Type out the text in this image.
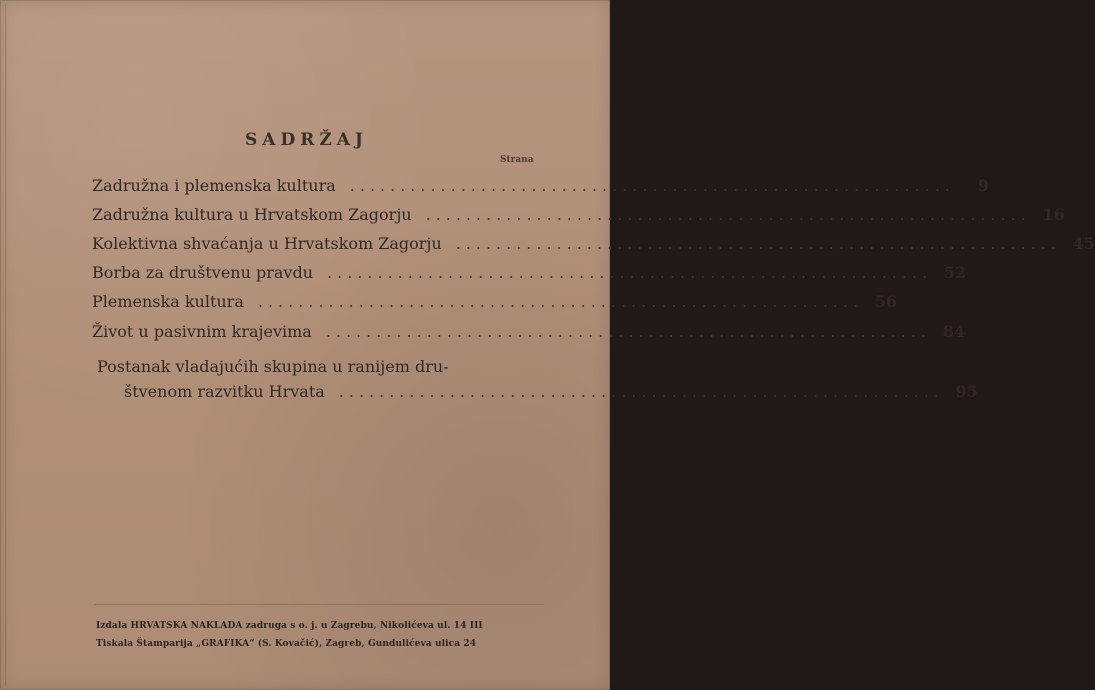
SADRŽAJ
Strana
Zadružna i plemenska kultura ............................................................	9
Zadružna kultura u Hrvatskom Zagorju ............................................................ 16
Kolektivna shvaćanja u Hrvatskom Zagorju ............................................................ 45
Borba za društvenu pravdu ............................................................ 52
Plemenska kultura ............................................................ 56
Život u pasivnim krajevima ............................................................ 84
Postanak vladajućih skupina u ranijem dru-
štvenom razvitku Hrvata ............................................................ 95
Izdala HRVATSKA NAKLADA zadruga s o. j. u Zagrebu, Nikolićeva ul. 14 III
Tiskala Štamparija „GRAFIKA“ (S. Kovačić), Zagreb, Gundulićeva ulica 24
